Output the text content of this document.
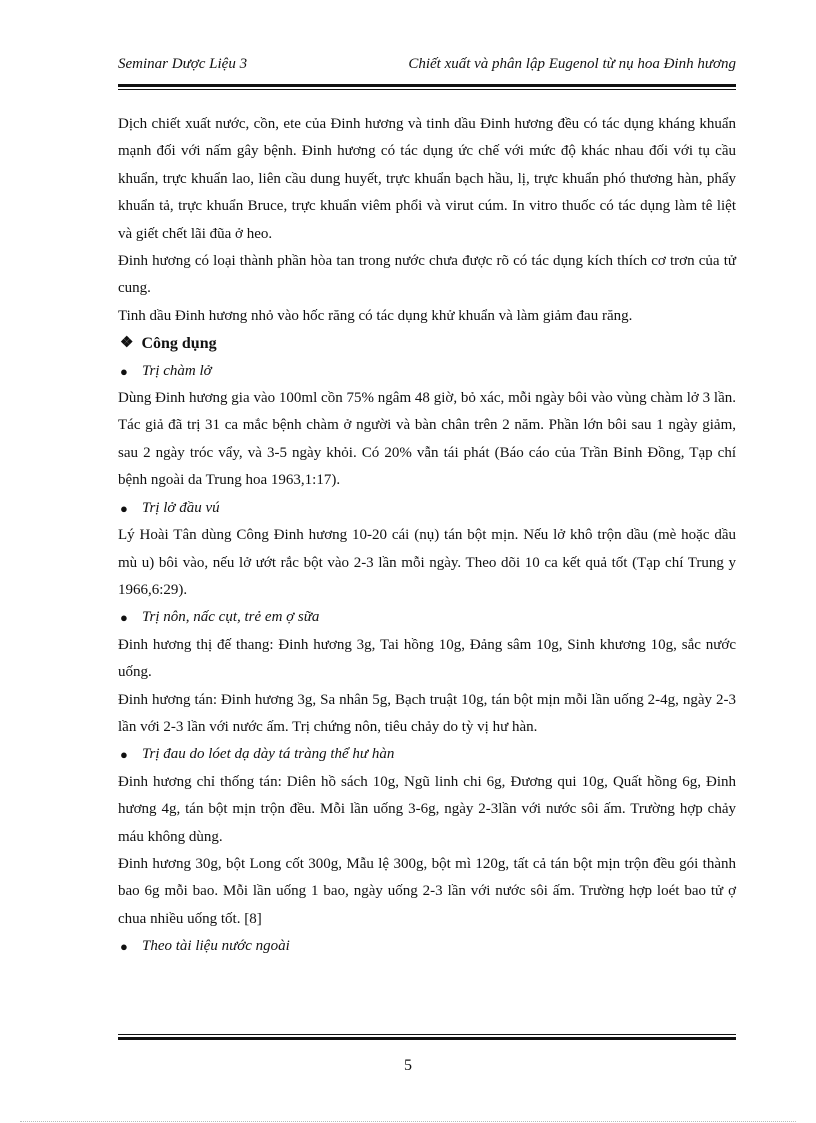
Seminar Dược Liệu 3	Chiết xuất và phân lập Eugenol từ nụ hoa Đinh hương

Dịch chiết xuất nước, cồn, ete của Đinh hương và tinh dầu Đinh hương đều có tác dụng kháng khuẩn mạnh đối với nấm gây bệnh. Đinh hương có tác dụng ức chế với mức độ khác nhau đối với tụ cầu khuẩn, trực khuẩn lao, liên cầu dung huyết, trực khuẩn bạch hầu, lị, trực khuẩn phó thương hàn, phẩy khuẩn tả, trực khuẩn Bruce, trực khuẩn viêm phổi và virut cúm. In vitro thuốc có tác dụng làm tê liệt và giết chết lãi đũa ở heo.

Đinh hương có loại thành phần hòa tan trong nước chưa được rõ có tác dụng kích thích cơ trơn của tử cung.

Tinh dầu Đinh hương nhỏ vào hốc răng có tác dụng khử khuẩn và làm giảm đau răng.

❖ Công dụng
● Trị chàm lở

Dùng Đinh hương gia vào 100ml cồn 75% ngâm 48 giờ, bỏ xác, mỗi ngày bôi vào vùng chàm lở 3 lần. Tác giả đã trị 31 ca mắc bệnh chàm ở người và bàn chân trên 2 năm. Phần lớn bôi sau 1 ngày giảm, sau 2 ngày tróc vẩy, và 3-5 ngày khỏi. Có 20% vẫn tái phát (Báo cáo của Trần Bỉnh Đồng, Tạp chí bệnh ngoài da Trung hoa 1963,1:17).

● Trị lở đầu vú

Lý Hoài Tân dùng Công Đinh hương 10-20 cái (nụ) tán bột mịn. Nếu lở khô trộn dầu (mè hoặc dầu mù u) bôi vào, nếu lở ướt rắc bột vào 2-3 lần mỗi ngày. Theo dõi 10 ca kết quả tốt (Tạp chí Trung y 1966,6:29).

● Trị nôn, nấc cụt, trẻ em ợ sữa

Đinh hương thị đế thang: Đinh hương 3g, Tai hồng 10g, Đảng sâm 10g, Sinh khương 10g, sắc nước uống.

Đinh hương tán: Đinh hương 3g, Sa nhân 5g, Bạch truật 10g, tán bột mịn mỗi lần uống 2-4g, ngày 2-3 lần với 2-3 lần với nước ấm. Trị chứng nôn, tiêu chảy do tỳ vị hư hàn.

● Trị đau do lóet dạ dày tá tràng thể hư hàn

Đinh hương chỉ thống tán: Diên hồ sách 10g, Ngũ linh chi 6g, Đương qui 10g, Quất hồng 6g, Đinh hương 4g, tán bột mịn trộn đều. Mỗi lần uống 3-6g, ngày 2-3lần với nước sôi ấm. Trường hợp chảy máu không dùng.

Đinh hương 30g, bột Long cốt 300g, Mẫu lệ 300g, bột mì 120g, tất cả tán bột mịn trộn đều gói thành bao 6g mỗi bao. Mỗi lần uống 1 bao, ngày uống 2-3 lần với nước sôi ấm. Trường hợp loét bao tử ợ chua nhiều uống tốt. [8]

● Theo tài liệu nước ngoài
5
